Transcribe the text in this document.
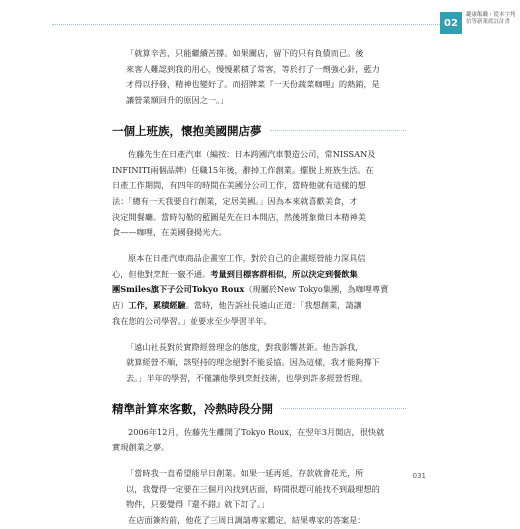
02
鍵康飯職・從本字判
信等新業底註計書

「就算辛苦，只能繼續苦撐。如果關店，留下的只有負債而已。後

來客人難認到我的用心，慢慢累積了常客，等於打了一劑強心針，藍力

才得以抒發，精神也變好了。而招牌菜『一天份蔬菜咖哩』的熱銷，是

讓營業額回升的原因之一。」

一個上班族，懷抱美國開店夢

佐藤先生在日產汽車（編按：日本跨國汽車製造公司，常NISSAN及

INFINITI兩個品牌）任職15年後，辭掉工作創業。擺脫上班族生活。在

日產工作期間，有四年的時間在美國分公司工作，當時他就有這樣的想

法：「總有一天我要自行創業，定居美國。」因為本來就喜歡美食，才

決定開餐廳。當時勾勒的藍圖是先在日本開店，然後將象徵日本精神美

食——咖哩，在美國發揚光大。

原本在日產汽車商品企畫室工作，對於自己的企畫經營能力深具信

心，但他對烹飪一竅不通。考量到目標客群相似，所以決定到餐飲集

團Smiles旗下子公司Tokyo Roux（現屬於New Tokyo集團，為咖哩專賣

店）工作，累積經驗。當時，他告訴社長遠山正道：「我想創業，請讓

我在您的公司學習。」並要求至少學習半年。

「遠山社長對於實際經營理念的態度，對我影響甚鉅。他告訴我，

就算經營不順，該堅持的理念絕對不能妥協。因為這樣，我才能夠撐下

去。」半年的學習，不僅讓他學到烹飪技術，也學到許多經營哲理。

精準計算來客數，冷熱時段分開

2006年12月，佐藤先生離開了Tokyo Roux，在翌年3月開店，很快就

實現創業之夢。

「當時我一直希望能早日創業。如果一延再延，存款就會花光，所

以，我覺得一定要在三個月內找到店面，時間很趕可能找不到最理想的

物件，只要覺得『還不錯』就下訂了。」

在店面簽約前，他花了三周日調請專家鑑定，結果專家的答案是：

031
